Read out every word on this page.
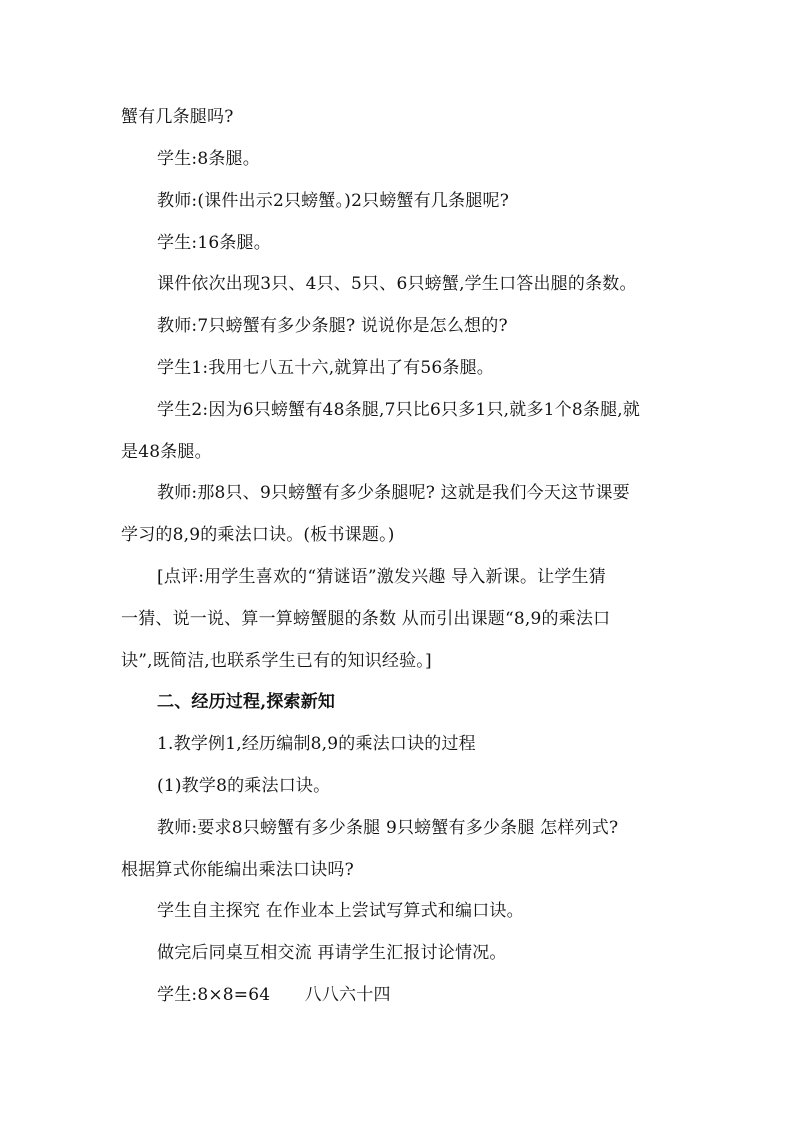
蟹有几条腿吗?
学生:8条腿。
教师:(课件出示2只螃蟹。)2只螃蟹有几条腿呢?
学生:16条腿。
课件依次出现3只、4只、5只、6只螃蟹,学生口答出腿的条数。
教师:7只螃蟹有多少条腿? 说说你是怎么想的?
学生1:我用七八五十六,就算出了有56条腿。
学生2:因为6只螃蟹有48条腿,7只比6只多1只,就多1个8条腿,就
是48条腿。
教师:那8只、9只螃蟹有多少条腿呢? 这就是我们今天这节课要
学习的8,9的乘法口诀。(板书课题。)
[点评:用学生喜欢的“猜谜语”激发兴趣 导入新课。让学生猜
一猜、说一说、算一算螃蟹腿的条数 从而引出课题“8,9的乘法口
诀”,既简洁,也联系学生已有的知识经验。]
二、经历过程,探索新知
1.教学例1,经历编制8,9的乘法口诀的过程
(1)教学8的乘法口诀。
教师:要求8只螃蟹有多少条腿 9只螃蟹有多少条腿 怎样列式?
根据算式你能编出乘法口诀吗?
学生自主探究 在作业本上尝试写算式和编口诀。
做完后同桌互相交流 再请学生汇报讨论情况。
学生:8×8=64　　八八六十四
